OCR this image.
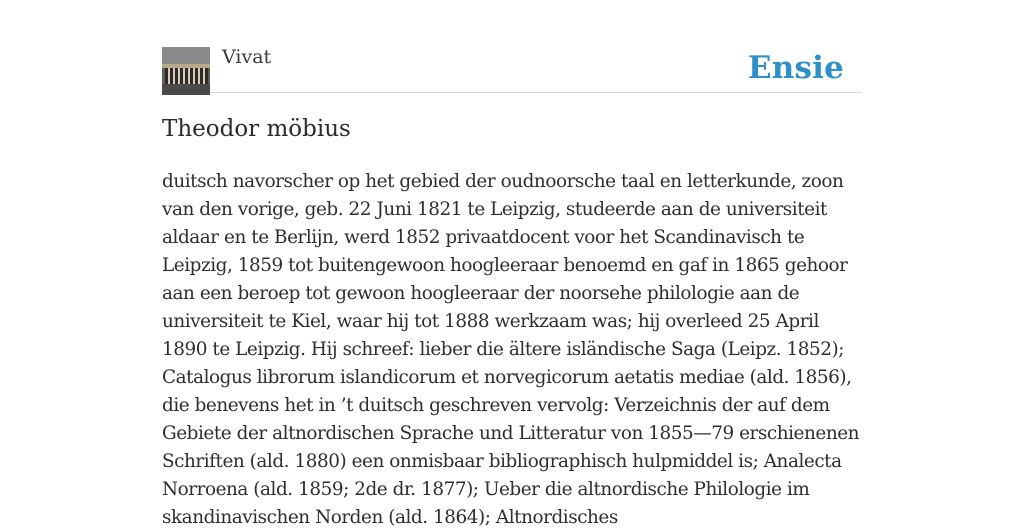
Vivat	Ensie
Theodor möbius

duitsch navorscher op het gebied der oudnoorsche taal en letterkunde, zoon van den vorige, geb. 22 Juni 1821 te Leipzig, studeerde aan de universiteit aldaar en te Berlijn, werd 1852 privaatdocent voor het Scandinavisch te Leipzig, 1859 tot buitengewoon hoogleeraar benoemd en gaf in 1865 gehoor aan een beroep tot gewoon hoogleeraar der noorsehe philologie aan de universiteit te Kiel, waar hij tot 1888 werkzaam was; hij overleed 25 April 1890 te Leipzig. Hij schreef: lieber die ältere isländische Saga (Leipz. 1852); Catalogus librorum islandicorum et norvegicorum aetatis mediae (ald. 1856), die benevens het in ’t duitsch geschreven vervolg: Verzeichnis der auf dem Gebiete der altnordischen Sprache und Litteratur von 1855—79 erschienenen Schriften (ald. 1880) een onmisbaar bibliographisch hulpmiddel is; Analecta Norroena (ald. 1859; 2de dr. 1877); Ueber die altnordische Philologie im skandinavischen Norden (ald. 1864); Altnordisches
